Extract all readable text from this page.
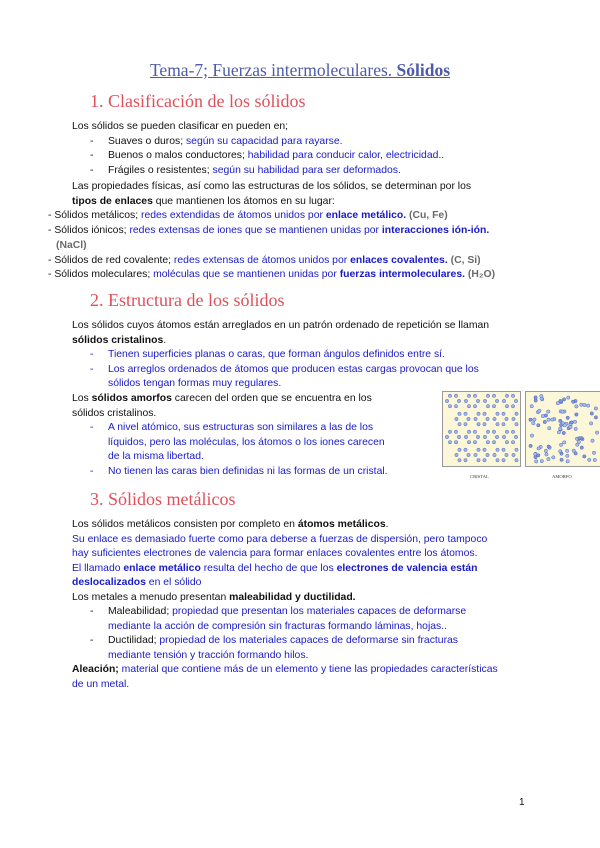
Tema-7; Fuerzas intermoleculares. Sólidos
1. Clasificación de los sólidos
Los sólidos se pueden clasificar en pueden en;
- Suaves o duros; según su capacidad para rayarse.
- Buenos o malos conductores; habilidad para conducir calor, electricidad..
- Frágiles o resistentes; según su habilidad para ser deformados.
Las propiedades físicas, así como las estructuras de los sólidos, se determinan por los
tipos de enlaces que mantienen los átomos en su lugar:
- Sólidos metálicos; redes extendidas de átomos unidos por enlace metálico. (Cu, Fe)
- Sólidos iónicos; redes extensas de iones que se mantienen unidas por interacciones ión-ión.
(NaCl)
- Sólidos de red covalente; redes extensas de átomos unidos por enlaces covalentes. (C, Si)
- Sólidos moleculares; moléculas que se mantienen unidas por fuerzas intermoleculares. (H₂O)
2. Estructura de los sólidos
Los sólidos cuyos átomos están arreglados en un patrón ordenado de repetición se llaman
sólidos cristalinos.
- Tienen superficies planas o caras, que forman ángulos definidos entre sí.
- Los arreglos ordenados de átomos que producen estas cargas provocan que los
sólidos tengan formas muy regulares.
Los sólidos amorfos carecen del orden que se encuentra en los
sólidos cristalinos.
- A nivel atómico, sus estructuras son similares a las de los
líquidos, pero las moléculas, los átomos o los iones carecen
de la misma libertad.
- No tienen las caras bien definidas ni las formas de un cristal.	CRISTAL	AMORFO
3. Sólidos metálicos
Los sólidos metálicos consisten por completo en átomos metálicos.
Su enlace es demasiado fuerte como para deberse a fuerzas de dispersión, pero tampoco
hay suficientes electrones de valencia para formar enlaces covalentes entre los átomos.
El llamado enlace metálico resulta del hecho de que los electrones de valencia están
deslocalizados en el sólido
Los metales a menudo presentan maleabilidad y ductilidad.
- Maleabilidad; propiedad que presentan los materiales capaces de deformarse
mediante la acción de compresión sin fracturas formando láminas, hojas..
- Ductilidad; propiedad de los materiales capaces de deformarse sin fracturas
mediante tensión y tracción formando hilos.
Aleación; material que contiene más de un elemento y tiene las propiedades características
de un metal.
1
